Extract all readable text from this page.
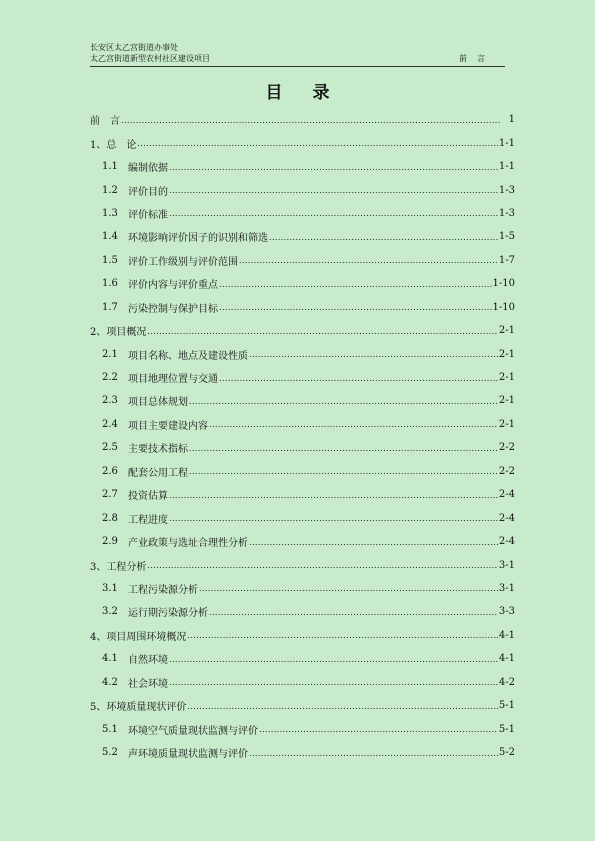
长安区太乙宫街道办事处
太乙宫街道新型农村社区建设项目	前言
目录
前　言 .....	1
1、 总　论 .....	1-1
1.1	编制依据 .....	1-1
1.2	评价目的 .....	1-3
1.3	评价标准 .....	1-3
1.4	环境影响评价因子的识别和筛选 .....	1-5
1.5	评价工作级别与评价范围 .....	1-7
1.6	评价内容与评价重点 .....	1-10
1.7	污染控制与保护目标 .....	1-10
2、 项目概况 .....	2-1
2.1	项目名称、地点及建设性质 .....	2-1
2.2	项目地理位置与交通 .....	2-1
2.3	项目总体规划 .....	2-1
2.4	项目主要建设内容 .....	2-1
2.5	主要技术指标 .....	2-2
2.6	配套公用工程 .....	2-2
2.7	投资估算 .....	2-4
2.8	工程进度 .....	2-4
2.9	产业政策与选址合理性分析 .....	2-4
3、 工程分析 .....	3-1
3.1	工程污染源分析 .....	3-1
3.2	运行期污染源分析 .....	3-3
4、 项目周围环境概况 .....	4-1
4.1	自然环境 .....	4-1
4.2	社会环境 .....	4-2
5、 环境质量现状评价 .....	5-1
5.1	环境空气质量现状监测与评价 .....	5-1
5.2	声环境质量现状监测与评价 .....	5-2
